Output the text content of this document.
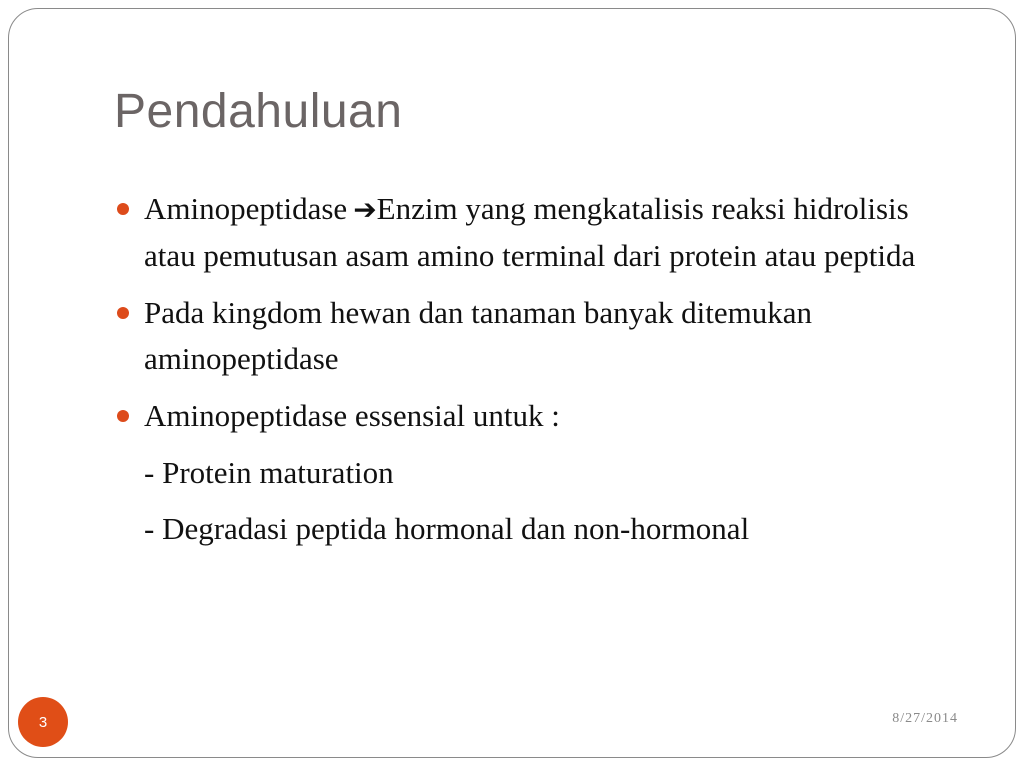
Pendahuluan
Aminopeptidase ➔Enzim yang mengkatalisis reaksi hidrolisis atau pemutusan asam amino terminal dari protein atau peptida
Pada kingdom hewan dan tanaman banyak ditemukan aminopeptidase
Aminopeptidase essensial untuk :
- Protein maturation
- Degradasi peptida hormonal dan non-hormonal
3	8/27/2014
